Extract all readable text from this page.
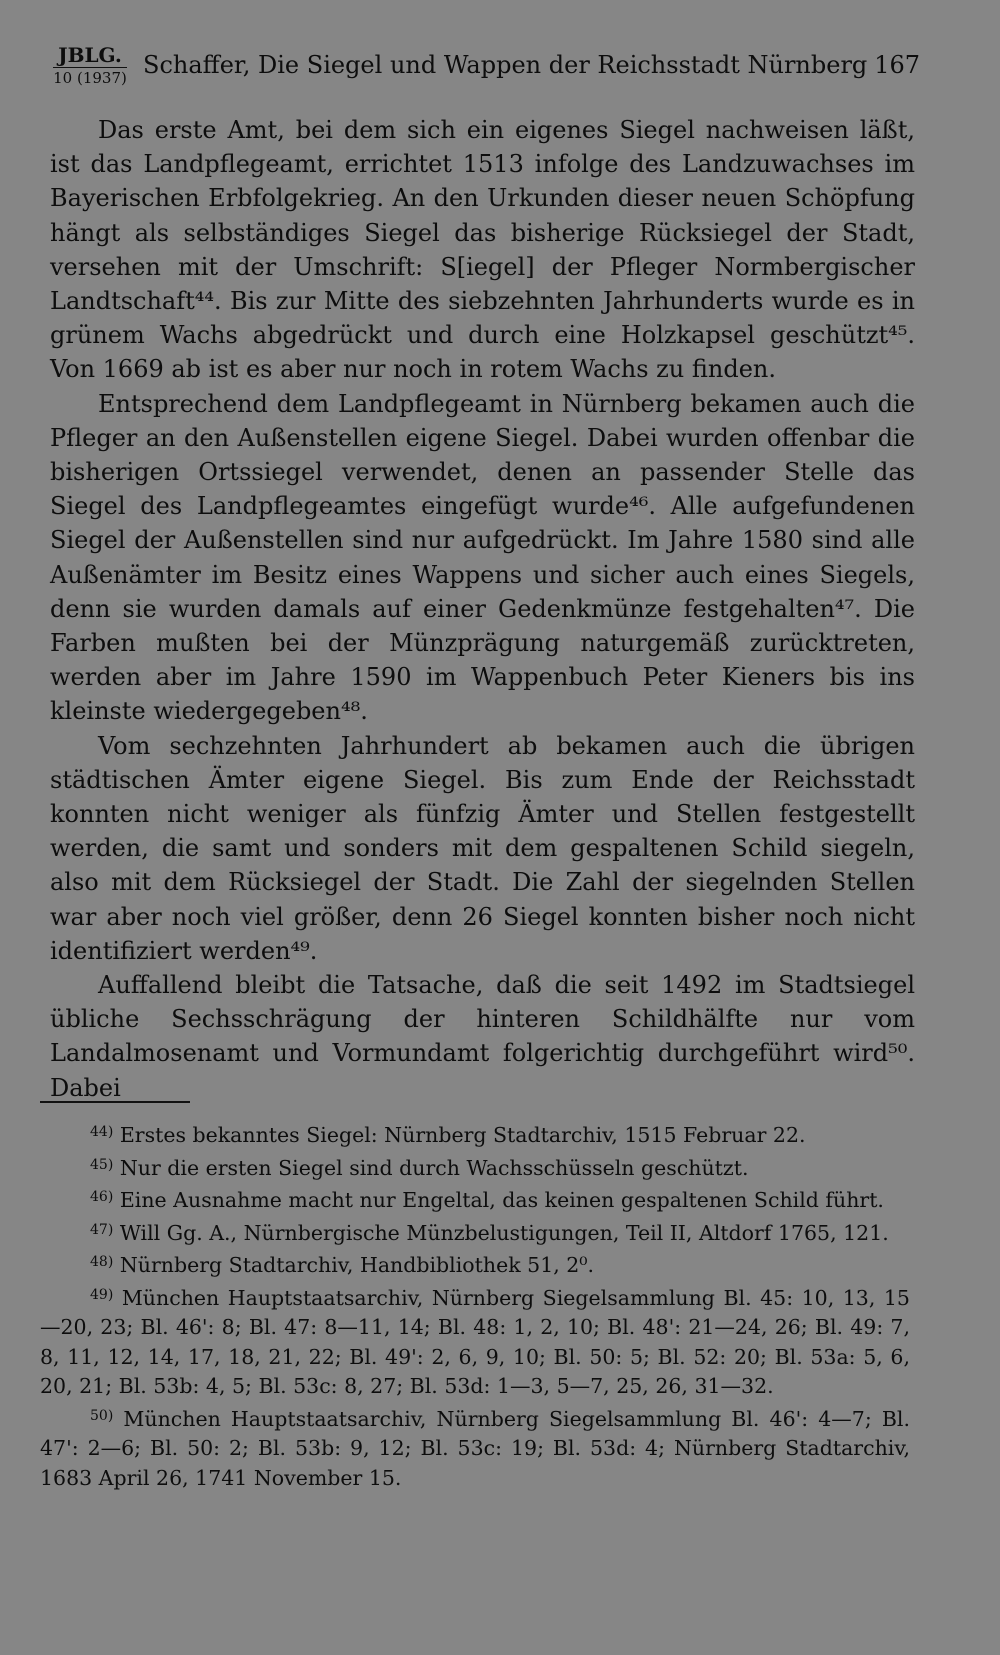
JBLG.
10 (1937) Schaffer, Die Siegel und Wappen der Reichsstadt Nürnberg 167

Das erste Amt, bei dem sich ein eigenes Siegel nachweisen läßt, ist das Landpflegeamt, errichtet 1513 infolge des Landzuwachses im Bayerischen Erbfolgekrieg. An den Urkunden dieser neuen Schöpfung hängt als selbständiges Siegel das bisherige Rücksiegel der Stadt, versehen mit der Umschrift: S[iegel] der Pfleger Normbergischer Landtschaft⁴⁴. Bis zur Mitte des siebzehnten Jahrhunderts wurde es in grünem Wachs abgedrückt und durch eine Holzkapsel geschützt⁴⁵. Von 1669 ab ist es aber nur noch in rotem Wachs zu finden.

Entsprechend dem Landpflegeamt in Nürnberg bekamen auch die Pfleger an den Außenstellen eigene Siegel. Dabei wurden offenbar die bisherigen Ortssiegel verwendet, denen an passender Stelle das Siegel des Landpflegeamtes eingefügt wurde⁴⁶. Alle aufgefundenen Siegel der Außenstellen sind nur aufgedrückt. Im Jahre 1580 sind alle Außenämter im Besitz eines Wappens und sicher auch eines Siegels, denn sie wurden damals auf einer Gedenkmünze festgehalten⁴⁷. Die Farben mußten bei der Münzprägung naturgemäß zurücktreten, werden aber im Jahre 1590 im Wappenbuch Peter Kieners bis ins kleinste wiedergegeben⁴⁸.

Vom sechzehnten Jahrhundert ab bekamen auch die übrigen städtischen Ämter eigene Siegel. Bis zum Ende der Reichsstadt konnten nicht weniger als fünfzig Ämter und Stellen festgestellt werden, die samt und sonders mit dem gespaltenen Schild siegeln, also mit dem Rücksiegel der Stadt. Die Zahl der siegelnden Stellen war aber noch viel größer, denn 26 Siegel konnten bisher noch nicht identifiziert werden⁴⁹.

Auffallend bleibt die Tatsache, daß die seit 1492 im Stadtsiegel übliche Sechsschrägung der hinteren Schildhälfte nur vom Landalmosenamt und Vormundamt folgerichtig durchgeführt wird⁵⁰. Dabei

$^{44)}$ Erstes bekanntes Siegel: Nürnberg Stadtarchiv, 1515 Februar 22.

$^{45)}$ Nur die ersten Siegel sind durch Wachsschüsseln geschützt.

$^{46)}$ Eine Ausnahme macht nur Engeltal, das keinen gespaltenen Schild führt.

$^{47)}$ Will Gg. A., Nürnbergische Münzbelustigungen, Teil II, Altdorf 1765, 121.

$^{48)}$ Nürnberg Stadtarchiv, Handbibliothek 51, 2⁰.

$^{49)}$ München Hauptstaatsarchiv, Nürnberg Siegelsammlung Bl. 45: 10, 13, 15—20, 23; Bl. 46': 8; Bl. 47: 8—11, 14; Bl. 48: 1, 2, 10; Bl. 48': 21—24, 26; Bl. 49: 7, 8, 11, 12, 14, 17, 18, 21, 22; Bl. 49': 2, 6, 9, 10; Bl. 50: 5; Bl. 52: 20; Bl. 53a: 5, 6, 20, 21; Bl. 53b: 4, 5; Bl. 53c: 8, 27; Bl. 53d: 1—3, 5—7, 25, 26, 31—32.

$^{50)}$ München Hauptstaatsarchiv, Nürnberg Siegelsammlung Bl. 46': 4—7; Bl. 47': 2—6; Bl. 50: 2; Bl. 53b: 9, 12; Bl. 53c: 19; Bl. 53d: 4; Nürnberg Stadtarchiv, 1683 April 26, 1741 November 15.
